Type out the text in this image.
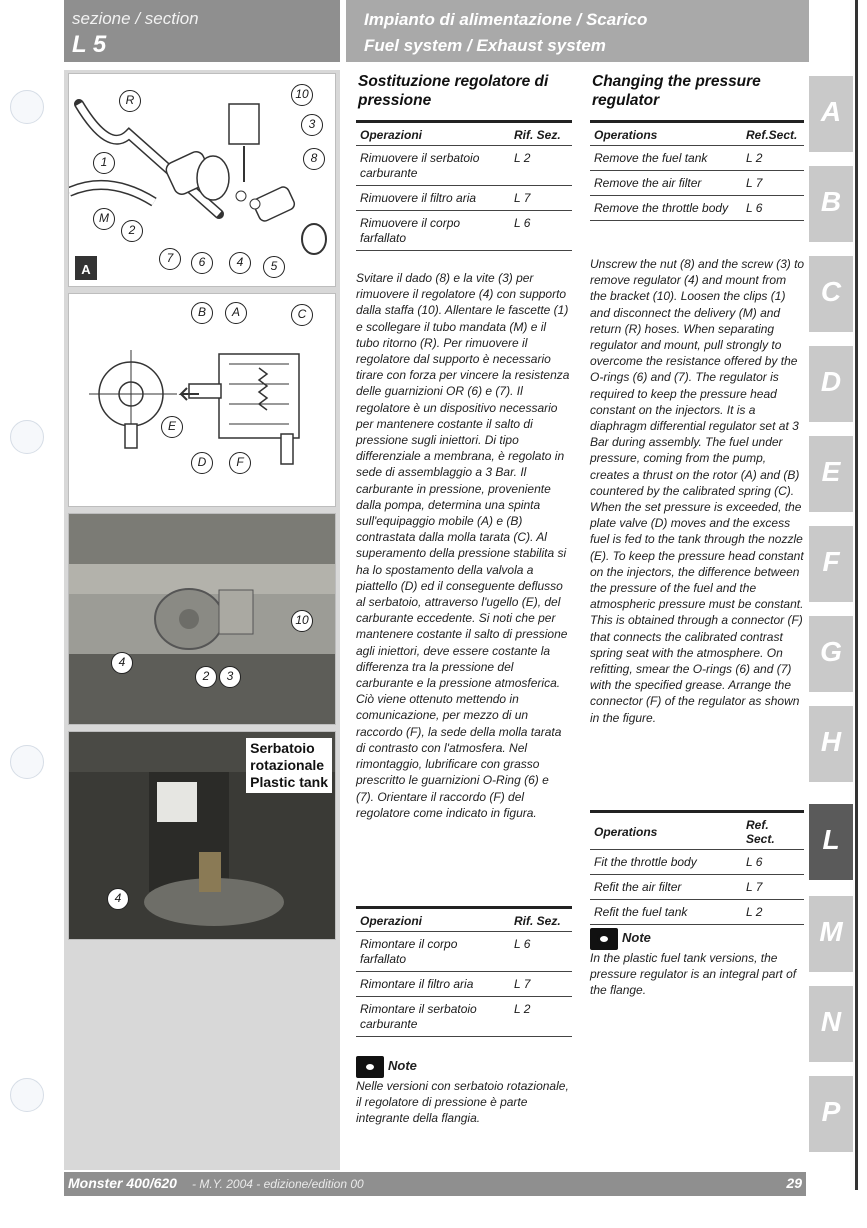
sezione / section
L 5
Impianto di alimentazione / Scarico
Fuel system / Exhaust system
A
R	10
3
1	8
M
2
7	6	4	5
B	A	C
E
D	F
10
4
2	3
Serbatoio
rotazionale
Plastic tank
4
Sostituzione regolatore di pressione
Operazioni	Rif. Sez.
Rimuovere il serbatoio carburante	L 2
Rimuovere il filtro aria	L 7
Rimuovere il corpo farfallato	L 6
Svitare il dado (8) e la vite (3) per rimuovere il regolatore (4) con supporto dalla staffa (10). Allentare le fascette (1) e scollegare il tubo mandata (M) e il tubo ritorno (R). Per rimuovere il regolatore dal supporto è necessario tirare con forza per vincere la resistenza delle guarnizioni OR (6) e (7). Il regolatore è un dispositivo necessario per mantenere costante il salto di pressione sugli iniettori. Di tipo differenziale a membrana, è regolato in sede di assemblaggio a 3 Bar. Il carburante in pressione, proveniente dalla pompa, determina una spinta sull'equipaggio mobile (A) e (B) contrastata dalla molla tarata (C). Al superamento della pressione stabilita si ha lo spostamento della valvola a piattello (D) ed il conseguente deflusso al serbatoio, attraverso l'ugello (E), del carburante eccedente. Si noti che per mantenere costante il salto di pressione agli iniettori, deve essere costante la differenza tra la pressione del carburante e la pressione atmosferica. Ciò viene ottenuto mettendo in comunicazione, per mezzo di un raccordo (F), la sede della molla tarata di contrasto con l'atmosfera. Nel rimontaggio, lubrificare con grasso prescritto le guarnizioni O-Ring (6) e (7). Orientare il raccordo (F) del regolatore come indicato in figura.
Operazioni	Rif. Sez.
Rimontare il corpo farfallato	L 6
Rimontare il filtro aria	L 7
Rimontare il serbatoio carburante	L 2
Note
Nelle versioni con serbatoio rotazionale, il regolatore di pressione è parte integrante della flangia.
Changing the pressure regulator
Operations	Ref.Sect.
Remove the fuel tank	L 2
Remove the air filter	L 7
Remove the throttle body	L 6
Unscrew the nut (8) and the screw (3) to remove regulator (4) and mount from the bracket (10). Loosen the clips (1) and disconnect the delivery (M) and return (R) hoses. When separating regulator and mount, pull strongly to overcome the resistance offered by the O-rings (6) and (7). The regulator is required to keep the pressure head constant on the injectors. It is a diaphragm differential regulator set at 3 Bar during assembly. The fuel under pressure, coming from the pump, creates a thrust on the rotor (A) and (B) countered by the calibrated spring (C). When the set pressure is exceeded, the plate valve (D) moves and the excess fuel is fed to the tank through the nozzle (E). To keep the pressure head constant on the injectors, the difference between the pressure of the fuel and the atmospheric pressure must be constant. This is obtained through a connector (F) that connects the calibrated contrast spring seat with the atmosphere. On refitting, smear the O-rings (6) and (7) with the specified grease. Arrange the connector (F) of the regulator as shown in the figure.
Operations	Ref. Sect.
Fit the throttle body	L 6
Refit the air filter	L 7
Refit the fuel tank	L 2
Note
In the plastic fuel tank versions, the pressure regulator is an integral part of the flange.
A
B
C
D
E
F
G
H
L
M
N
P
Monster 400/620 - M.Y. 2004 - edizione/edition 00	29
